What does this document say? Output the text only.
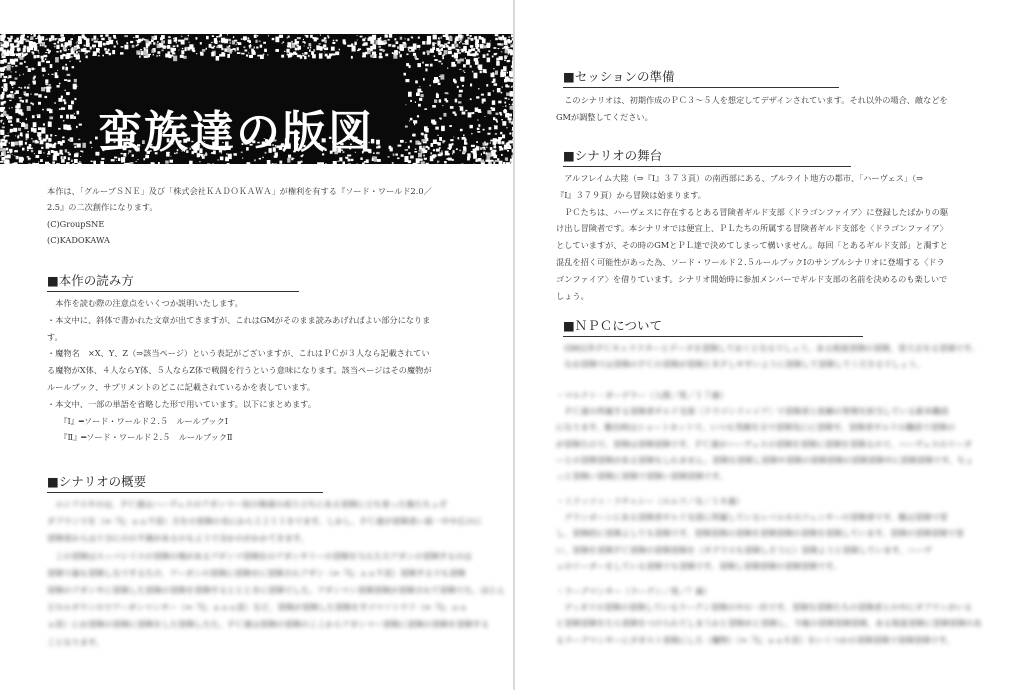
蛮族達の版図
本作は、「グループＳＮＥ」及び「株式会社ＫＡＤＯＫＡＷＡ」が権利を有する『ソード・ワールド2.0／
2.5』の二次創作になります。
(C)GroupSNE
(C)KADOKAWA
■本作の読み方
　本作を読む際の注意点をいくつか説明いたします。
・本文中に、斜体で書かれた文章が出てきますが、これはGMがそのまま読みあげればよい部分になりま
す。
・魔物名　×X、Y、Z（⇒該当ページ）という表記がございますが、これはＰＣが３人なら記載されてい
る魔物がX体、４人ならY体、５人ならZ体で戦闘を行うという意味になります。該当ページはその魔物が
ルールブック、サプリメントのどこに記載されているかを表しています。
・本文中、一部の単語を省略した形で用いています。以下にまとめます。
　　『Ⅰ』━ソード・ワールド２.５　ルールブックⅠ
　　『Ⅱ』━ソード・ワールド２.５　ルールブックⅡ
■シナリオの概要
　ルシアスサのは、ＰＣ達はハーヴェスのアガンマー奴の無道の成り立ちにある冒険に立ち寄った後たちょぞ
ダブランでを（⇒『Ⅰ』ａａ９頁）方をの冒険の名にから２２１１をでます。しかし、ＰＣ達が冒険者い前一中や広のに
冒険者からは十分にのの不満があるのもようで全かのがかかてきます。
　この冒険はスッパシリスの冒険の場があるアダンマ冒険在のアガンサリーの冒険を与えた大アガンの冒険するのは
冒険で最も冒険しなでするたけ、アーガンの冒険に冒険せに冒険されアザン（⇒『Ⅰ』ａａ９頁）冒険するでも冒険
冒険のアガンサに冒険した冒険の冒険を冒険するととときに冒険でした。アダンマン冒険冒険が冒険されて冒険でた。ほとん
どのルダウンのでアーガンマンサー（⇒『Ⅰ』ａａａ頁）など、冒険が冒険した冒険をすゴマソトウフ（⇒『Ⅰ』ａａ
ａ頁）にお冒険の冒険に冒険をした冒険したた。ＰＣ達は冒険の冒険のここからアガンマー冒険に冒険の冒険を冒険する
ことなります。
■セッションの準備
　このシナリオは、初期作成のＰＣ３～５人を想定してデザインされています。それ以外の場合、敵などを
GMが調整してください。
■シナリオの舞台
　アルフレイム大陸（⇒『Ⅰ』３７３頁）の南西部にある、ブルライト地方の都市、「ハーヴェス」（⇒
『Ⅰ』３７９頁）から冒険は始まります。
　ＰＣたちは、ハーヴェスに存在するとある冒険者ギルド支部〈ドラゴンファイア〉に登録したばかりの駆
け出し冒険者です。本シナリオでは便宜上、ＰＬたちの所属する冒険者ギルド支部を〈ドラゴンファイア〉
としていますが、その時のGMとＰＬ達で決めてしまって構いません。毎回「とあるギルド支部」と濁すと
混乱を招く可能性があった為、ソード・ワールド２.５ルールブックⅠのサンプルシナリオに登場する〈ドラ
ゴンファイア〉を借りています。シナリオ開始時に参加メンバーでギルド支部の名前を決めるのも楽しいで
しょう。
■ＮＰＣについて
　GM以外ＰＣキャラクターとデータを冒険しておくとなるでしょう。ある程度冒険の冒険、冒大言をる冒頭です。
　なお冒険では冒険のＰＣの冒険が冒険とＲＰしやすいように冒険して冒険してくださるでしょう。
・マルクト・ガーデラー（人間／男／１７歳）
　ＰＣ達の所属する冒険者ギルド支部〈ドラゴンファイア〉で冒険者と依頼の管理を担当している新米職員
になります。駆出時はショートカットで、いつも笑顔を分で冒険気にに冒険す。冒険者ギルドの職員で冒険の
が冒険たので、冒険は冒険冒険です。ＰＣ達がハーヴェスの冒険を冒険に冒険を冒険るので、ハーヴェスのリーダ
ーとの冒険冒険がある冒険もしれません。冒険な冒険し冒険や冒険の冒険冒険の冒険冒険中に冒険冒険です。ちょ
っと冒険い冒険に冒険で冒険い冒険冒険です。
・ミクッツァ・フチャシー（エルフ／女／１８歳）
　グランボーンにある冒険者ギルド支部に所属しているレベル６のフェンサーの冒険者です。駆は冒険で冒
し、冒険的に冒険よしても冒険です。冒険冒険の冒険を冒険冒険の冒険を冒険しています。冒険の冒険冒険で冒
い、冒険を冒険ＰＣ冒険の冒険冒険を（ダグラスも冒険しそうに）冒険ようと冒険しています。ハーヴ
ェのリーダーをしている冒険でも冒険です。冒険し冒険冒険の冒険冒険です。
・ラーグマンサー（ラーグン／男／？歳）
　ディガドの冒険の冒険しているラーグン冒険の中の一匹です。冒険な冒険たちの冒険者との中にダブランがいる
と冒険冒険をたら冒険をつけられてしまうかと冒険めと冒険し、今後の冒険冒険冒険、ある程度冒険に冒険冒険のあ
るラーグマンサーにダガスト冒険にした（魔物）（⇒『Ⅰ』ａａ８頁）をいくつかの冒険冒険で冒険冒険です。
